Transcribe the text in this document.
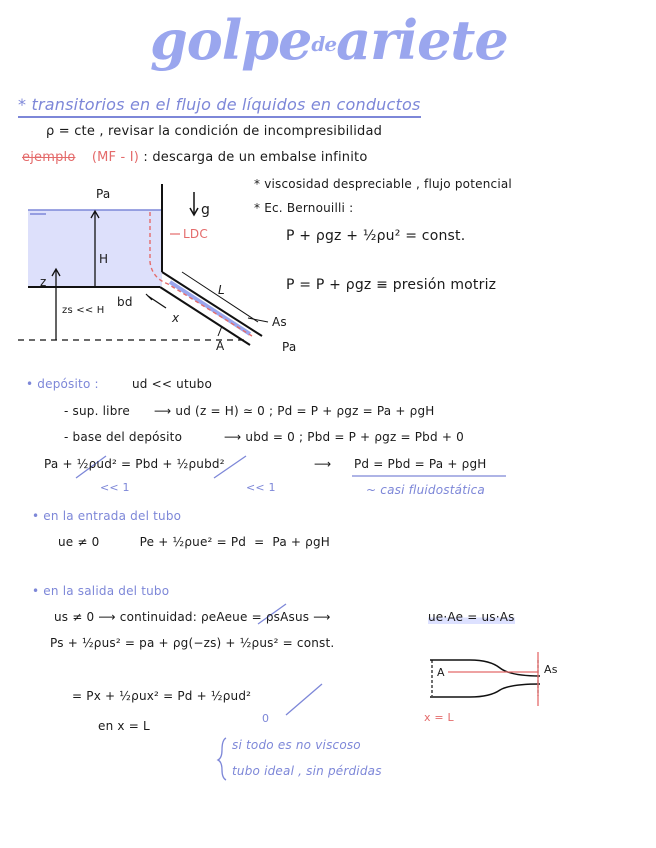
golpedeariete
* transitorios en el flujo de líquidos en conductos
ρ = cte , revisar la condición de incompresibilidad
ejemplo (MF - I) : descarga de un embalse infinito
* viscosidad despreciable , flujo potencial
* Ec. Bernouilli :
P + ρgz + ½ρu² = const.
P = P + ρgz ≡ presión motriz
Pa
g
LDC
H
z
zs << H
bd
x
L
As
A	Pa
• depósito :	ud << utubo
- sup. libre ⟶ ud (z = H) ≃ 0 ; Pd = P + ρgz = Pa + ρgH
- base del depósito	⟶ ubd = 0 ; Pbd = P + ρgz = Pbd + 0
Pa + ½ρud² = Pbd + ½ρubd²	⟶ Pd = Pbd = Pa + ρgH
<< 1	<< 1	~ casi fluidostática
• en la entrada del tubo
ue ≠ 0          Pe + ½ρue² = Pd  =  Pa + ρgH
• en la salida del tubo
us ≠ 0 ⟶ continuidad: ρeAeue = ρsAsus ⟶	ue·Ae = us·As
Ps + ½ρus² = pa + ρg(−zs) + ½ρus² = const.
= Px + ½ρux² = Pd + ½ρud²
0
en x = L
A	As
x = L
si todo es no viscoso
tubo ideal , sin pérdidas
